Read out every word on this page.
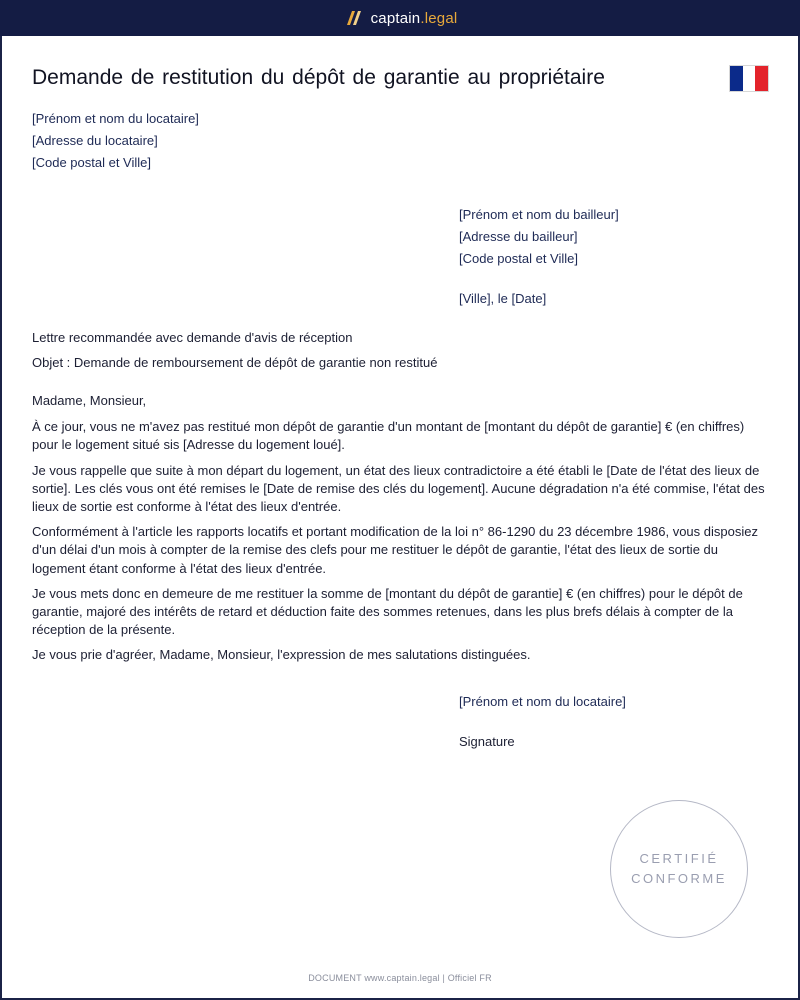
captain.legal
Demande de restitution du dépôt de garantie au propriétaire
[Prénom et nom du locataire]
[Adresse du locataire]
[Code postal et Ville]
[Prénom et nom du bailleur]
[Adresse du bailleur]
[Code postal et Ville]
[Ville], le [Date]
Lettre recommandée avec demande d'avis de réception
Objet : Demande de remboursement de dépôt de garantie non restitué

Madame, Monsieur,

À ce jour, vous ne m'avez pas restitué mon dépôt de garantie d'un montant de [montant du dépôt de garantie] € (en chiffres) pour le logement situé sis [Adresse du logement loué].

Je vous rappelle que suite à mon départ du logement, un état des lieux contradictoire a été établi le [Date de l'état des lieux de sortie]. Les clés vous ont été remises le [Date de remise des clés du logement]. Aucune dégradation n'a été commise, l'état des lieux de sortie est conforme à l'état des lieux d'entrée.

Conformément à l'article les rapports locatifs et portant modification de la loi n° 86-1290 du 23 décembre 1986, vous disposiez d'un délai d'un mois à compter de la remise des clefs pour me restituer le dépôt de garantie, l'état des lieux de sortie du logement étant conforme à l'état des lieux d'entrée.

Je vous mets donc en demeure de me restituer la somme de [montant du dépôt de garantie] € (en chiffres) pour le dépôt de garantie, majoré des intérêts de retard et déduction faite des sommes retenues, dans les plus brefs délais à compter de la réception de la présente.

Je vous prie d'agréer, Madame, Monsieur, l'expression de mes salutations distinguées.

[Prénom et nom du locataire]
Signature
CERTIFIÉ
CONFORME
DOCUMENT www.captain.legal | Officiel FR
